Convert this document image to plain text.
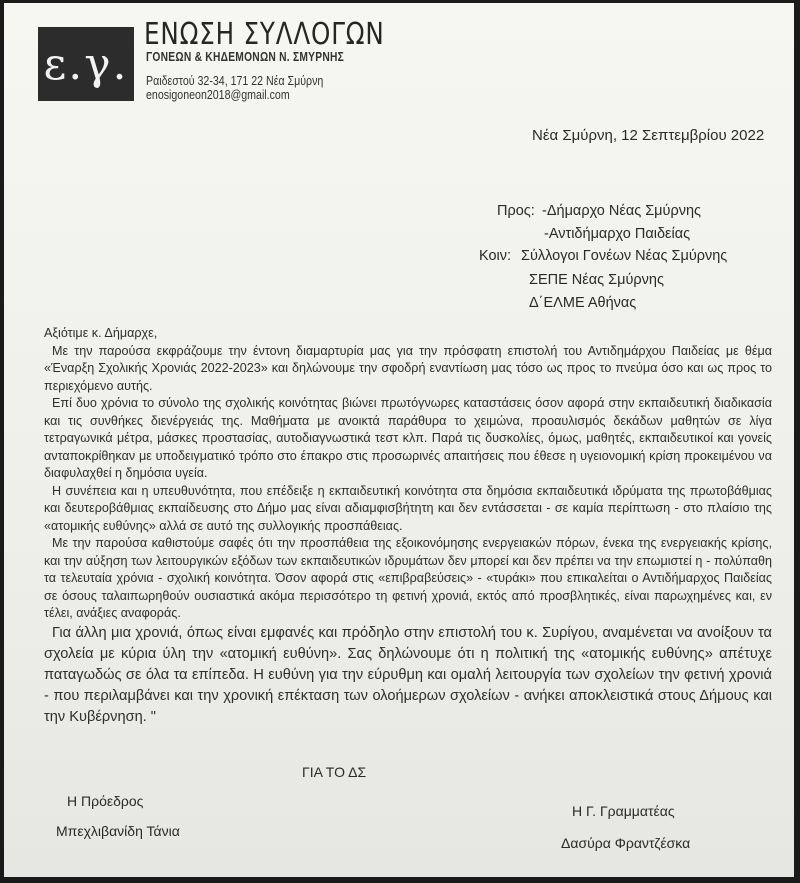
ε.γ.
ΕΝΩΣΗ ΣΥΛΛΟΓΩΝ
ΓΟΝΕΩΝ & ΚΗΔΕΜΟΝΩΝ Ν. ΣΜΥΡΝΗΣ
Ραιδεστού 32-34, 171 22 Νέα Σμύρνη
enosigoneon2018@gmail.com
Νέα Σμύρνη, 12 Σεπτεμβρίου 2022
Προς: -Δήμαρχο Νέας Σμύρνης
-Αντιδήμαρχο Παιδείας
Κοιν: Σύλλογοι Γονέων Νέας Σμύρνης
ΣΕΠΕ Νέας Σμύρνης
Δ΄ΕΛΜΕ Αθήνας

Αξιότιμε κ. Δήμαρχε,

Με την παρούσα εκφράζουμε την έντονη διαμαρτυρία μας για την πρόσφατη επιστολή του Αντιδημάρχου Παιδείας με θέμα «Έναρξη Σχολικής Χρονιάς 2022-2023» και δηλώνουμε την σφοδρή εναντίωση μας τόσο ως προς το πνεύμα όσο και ως προς το περιεχόμενο αυτής.

Επί δυο χρόνια το σύνολο της σχολικής κοινότητας βιώνει πρωτόγνωρες καταστάσεις όσον αφορά στην εκπαιδευτική διαδικασία και τις συνθήκες διενέργειάς της. Μαθήματα με ανοικτά παράθυρα το χειμώνα, προαυλισμός δεκάδων μαθητών σε λίγα τετραγωνικά μέτρα, μάσκες προστασίας, αυτοδιαγνωστικά τεστ κλπ. Παρά τις δυσκολίες, όμως, μαθητές, εκπαιδευτικοί και γονείς ανταποκρίθηκαν με υποδειγματικό τρόπο στο έπακρο στις προσωρινές απαιτήσεις που έθεσε η υγειονομική κρίση προκειμένου να διαφυλαχθεί η δημόσια υγεία.

Η συνέπεια και η υπευθυνότητα, που επέδειξε η εκπαιδευτική κοινότητα στα δημόσια εκπαιδευτικά ιδρύματα της πρωτοβάθμιας και δευτεροβάθμιας εκπαίδευσης στο Δήμο μας είναι αδιαμφισβήτητη και δεν εντάσσεται - σε καμία περίπτωση - στο πλαίσιο της «ατομικής ευθύνης» αλλά σε αυτό της συλλογικής προσπάθειας.

Με την παρούσα καθιστούμε σαφές ότι την προσπάθεια της εξοικονόμησης ενεργειακών πόρων, ένεκα της ενεργειακής κρίσης, και την αύξηση των λειτουργικών εξόδων των εκπαιδευτικών ιδρυμάτων δεν μπορεί και δεν πρέπει να την επωμιστεί η - πολύπαθη τα τελευταία χρόνια - σχολική κοινότητα. Όσον αφορά στις «επιβραβεύσεις» - «τυράκι» που επικαλείται ο Αντιδήμαρχος Παιδείας σε όσους ταλαιπωρηθούν ουσιαστικά ακόμα περισσότερο τη φετινή χρονιά, εκτός από προσβλητικές, είναι παρωχημένες και, εν τέλει, ανάξιες αναφοράς.

Για άλλη μια χρονιά, όπως είναι εμφανές και πρόδηλο στην επιστολή του κ. Συρίγου, αναμένεται να ανοίξουν τα σχολεία με κύρια ύλη την «ατομική ευθύνη». Σας δηλώνουμε ότι η πολιτική της «ατομικής ευθύνης» απέτυχε παταγωδώς σε όλα τα επίπεδα. Η ευθύνη για την εύρυθμη και ομαλή λειτουργία των σχολείων την φετινή χρονιά - που περιλαμβάνει και την χρονική επέκταση των ολοήμερων σχολείων - ανήκει αποκλειστικά στους Δήμους και την Κυβέρνηση. "

ΓΙΑ ΤΟ ΔΣ
Η Πρόεδρος
Μπεχλιβανίδη Τάνια
Η Γ. Γραμματέας
Δασύρα Φραντζέσκα
